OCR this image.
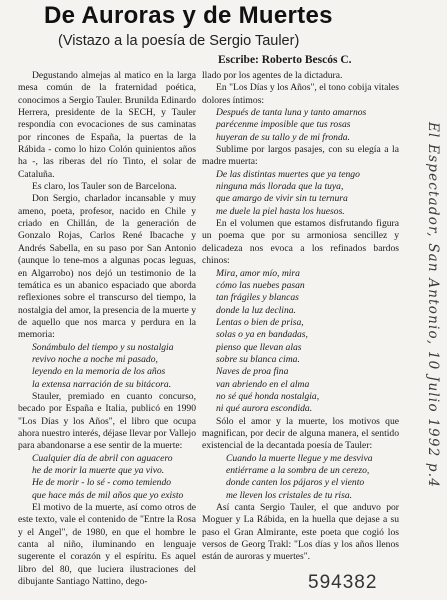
De Auroras y de Muertes
(Vistazo a la poesía de Sergio Tauler)
Escribe: Roberto Bescós C.

Degustando almejas al matico en la larga mesa común de la fraternidad poética, conocimos a Sergio Tauler. Brunilda Edinardo Herrera, presidente de la SECH, y Tauler respondía con evocaciones de sus caminatas por rincones de España, la puertas de la Rábida - como lo hizo Colón quinientos años ha -, las riberas del río Tinto, el solar de Cataluña.

Es claro, los Tauler son de Barcelona.

Don Sergio, charlador incansable y muy ameno, poeta, profesor, nacido en Chile y criado en Chillán, de la generación de Gonzalo Rojas, Carlos René Ibacache y Andrés Sabella, en su paso por San Antonio (aunque lo tene-mos a algunas pocas leguas, en Algarrobo) nos dejó un testimonio de la temática es un abanico espaciado que aborda reflexiones sobre el transcurso del tiempo, la nostalgia del amor, la presencia de la muerte y de aquello que nos marca y perdura en la memoria:

Sonámbulo del tiempo y su nostalgia

revivo noche a noche mi pasado,

leyendo en la memoria de los años

la extensa narración de su bitácora.

Stauler, premiado en cuanto concurso, becado por España e Italia, publicó en 1990 "Los Días y los Años", el libro que ocupa ahora nuestro interés, déjase llevar por Vallejo para abandonarse a ese sentir de la muerte:

Cualquier día de abril con aguacero

he de morir la muerte que ya vivo.

He de morir - lo sé - como temiendo

que hace más de mil años que yo existo

El motivo de la muerte, así como otros de este texto, vale el contenido de "Entre la Rosa y el Angel", de 1980, en que el hombre le canta al niño, iluminando en lenguaje sugerente el corazón y el espíritu. Es aquel libro del 80, que luciera ilustraciones del dibujante Santiago Nattino, dego-

llado por los agentes de la dictadura.

En "Los Días y los Años", el tono cobija vitales dolores íntimos:

Después de tanta luna y tanto amarnos

parécenme imposible que tus rosas

huyeran de su tallo y de mi fronda.

Sublime por largos pasajes, con su elegía a la madre muerta:

De las distintas muertes que ya tengo

ninguna más llorada que la tuya,

que amargo de vivir sin tu ternura

me duele la piel hasta los huesos.

En el volumen que estamos disfrutando figura un poema que por su armoniosa sencillez y delicadeza nos evoca a los refinados bardos chinos:

Mira, amor mío, mira

cómo las nuebes pasan

tan frágiles y blancas

donde la luz declina.

Lentas o bien de prisa,

solas o ya en bandadas,

pienso que llevan alas

sobre su blanca cima.

Naves de proa fina

van abriendo en el alma

no sé qué honda nostalgia,

ni qué aurora escondida.

Sólo el amor y la muerte, los motivos que magnifican, por decir de alguna manera, el sentido existencial de la decantada poesía de Tauler:

Cuando la muerte llegue y me desviva

entiérrame a la sombra de un cerezo,

donde canten los pájaros y el viento

me lleven los cristales de tu risa.

Así canta Sergio Tauler, el que anduvo por Moguer y La Rábida, en la huella que dejase a su paso el Gran Almirante, este poeta que cogió los versos de Georg Trakl: "Los días y los años llenos están de auroras y muertes".

El Espectador, San Antonio, 10 Julio 1992 p.4
594382
